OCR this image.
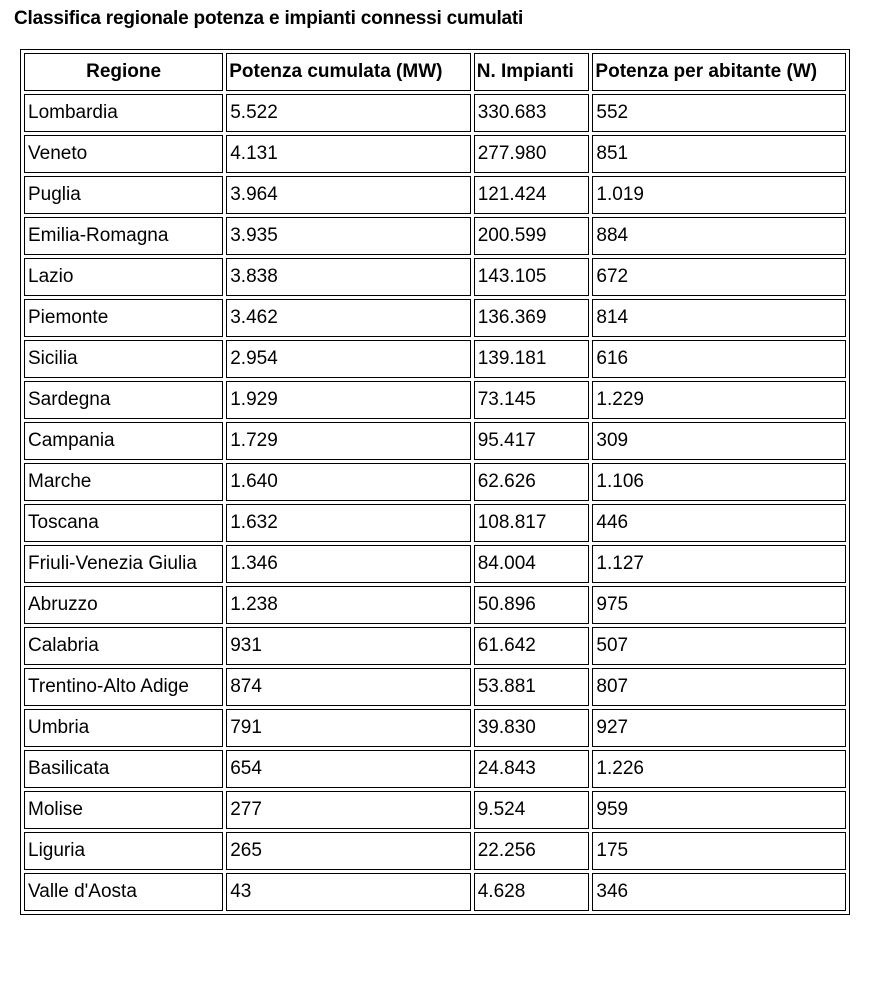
Classifica regionale potenza e impianti connessi cumulati
Regione	Potenza cumulata (MW)	N. Impianti	Potenza per abitante (W)
Lombardia	5.522	330.683	552
Veneto	4.131	277.980	851
Puglia	3.964	121.424	1.019
Emilia-Romagna	3.935	200.599	884
Lazio	3.838	143.105	672
Piemonte	3.462	136.369	814
Sicilia	2.954	139.181	616
Sardegna	1.929	73.145	1.229
Campania	1.729	95.417	309
Marche	1.640	62.626	1.106
Toscana	1.632	108.817	446
Friuli-Venezia Giulia	1.346	84.004	1.127
Abruzzo	1.238	50.896	975
Calabria	931	61.642	507
Trentino-Alto Adige	874	53.881	807
Umbria	791	39.830	927
Basilicata	654	24.843	1.226
Molise	277	9.524	959
Liguria	265	22.256	175
Valle d'Aosta	43	4.628	346
